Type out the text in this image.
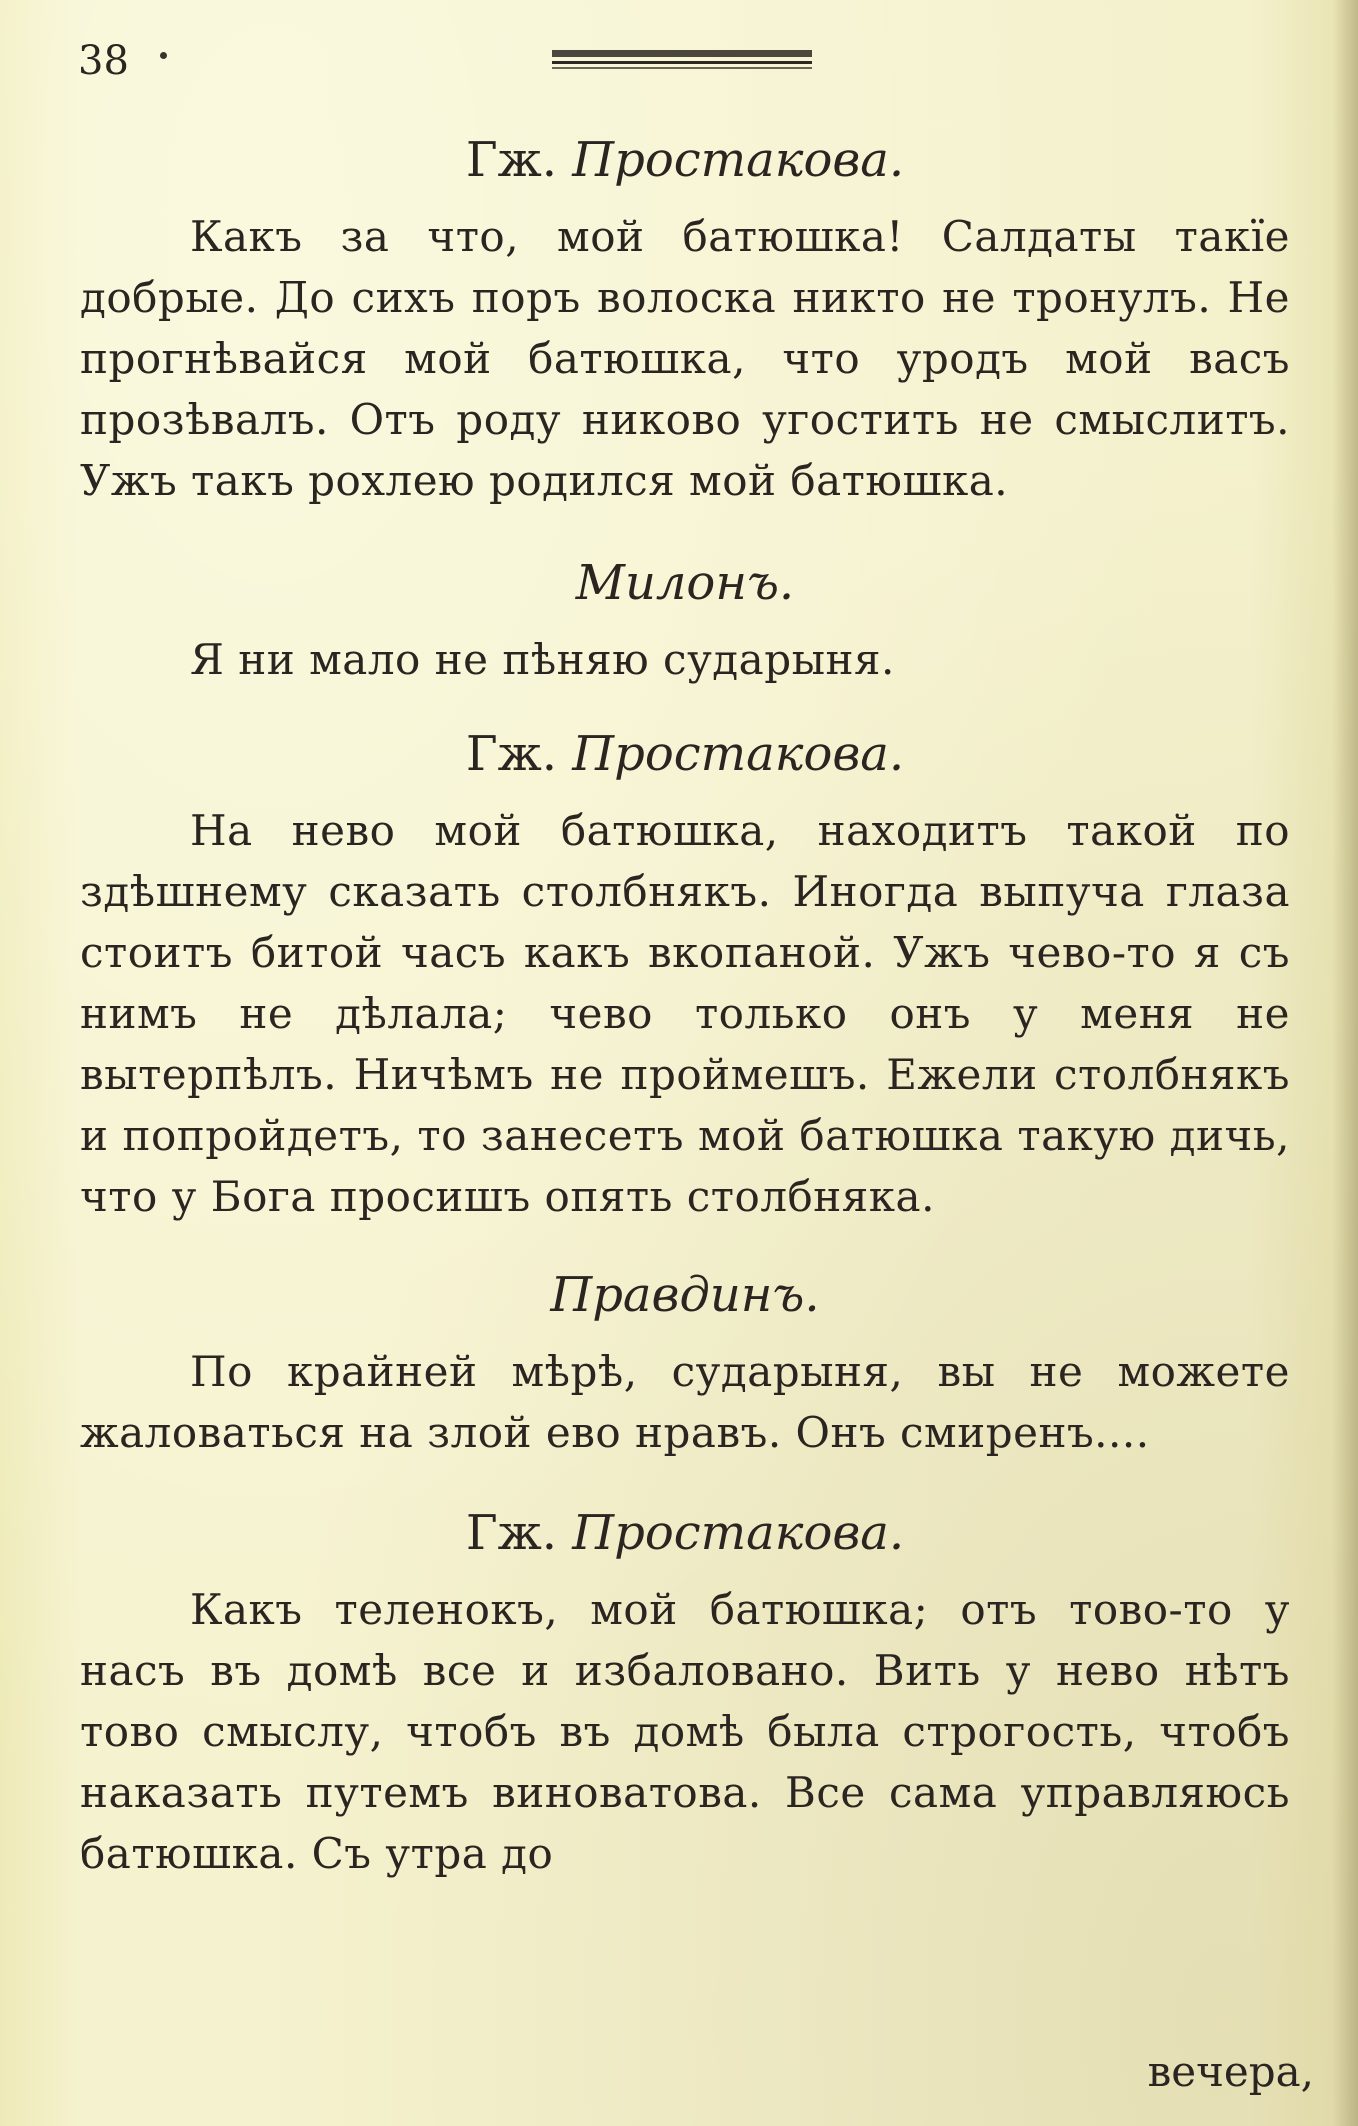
38
Гж. Простакова.

Какъ за что, мой батюшка! Салдаты такїе добрые. До сихъ поръ волоска никто не тронулъ. Не прогнѣвайся мой батюшка, что уродъ мой васъ прозѣвалъ. Отъ роду никово угостить не смыслитъ. Ужъ такъ рохлею родился мой батюшка.

Милонъ.

Я ни мало не пѣняю сударыня.

Гж. Простакова.

На нево мой батюшка, находитъ такой по здѣшнему сказать столбнякъ. Иногда выпуча глаза стоитъ битой часъ какъ вкопаной. Ужъ чево-то я съ нимъ не дѣлала; чево только онъ у меня не вытерпѣлъ. Ничѣмъ не проймешъ. Ежели столбнякъ и попройдетъ, то занесетъ мой батюшка такую дичь, что у Бога просишъ опять столбняка.

Правдинъ.

По крайней мѣрѣ, сударыня, вы не можете жаловаться на злой ево нравъ. Онъ смиренъ....

Гж. Простакова.

Какъ теленокъ, мой батюшка; отъ тово-то у насъ въ домѣ все и избаловано. Вить у нево нѣтъ тово смыслу, чтобъ въ домѣ была строгость, чтобъ наказать путемъ виноватова. Все сама управляюсь батюшка. Съ утра до

вечера,
